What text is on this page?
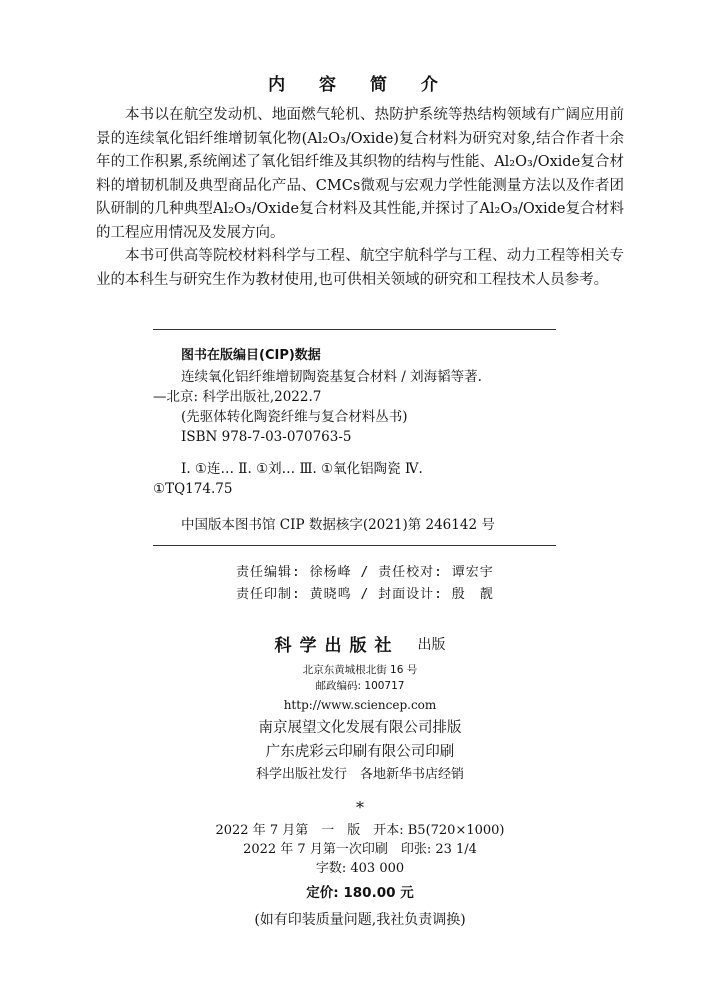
内 容 简 介

本书以在航空发动机、地面燃气轮机、热防护系统等热结构领域有广阔应用前景的连续氧化铝纤维增韧氧化物(Al₂O₃/Oxide)复合材料为研究对象,结合作者十余年的工作积累,系统阐述了氧化铝纤维及其织物的结构与性能、Al₂O₃/Oxide复合材料的增韧机制及典型商品化产品、CMCs微观与宏观力学性能测量方法以及作者团队研制的几种典型Al₂O₃/Oxide复合材料及其性能,并探讨了Al₂O₃/Oxide复合材料的工程应用情况及发展方向。

本书可供高等院校材料科学与工程、航空宇航科学与工程、动力工程等相关专业的本科生与研究生作为教材使用,也可供相关领域的研究和工程技术人员参考。

图书在版编目(CIP)数据
连续氧化铝纤维增韧陶瓷基复合材料 / 刘海韬等著.
—北京: 科学出版社,2022.7
(先驱体转化陶瓷纤维与复合材料丛书)
ISBN 978-7-03-070763-5
Ⅰ. ①连… Ⅱ. ①刘… Ⅲ. ①氧化铝陶瓷 Ⅳ.
①TQ174.75
中国版本图书馆 CIP 数据核字(2021)第 246142 号
责任编辑: 徐杨峰 / 责任校对: 谭宏宇
责任印制: 黄晓鸣 / 封面设计: 殷　靓
科学出版社 出版
北京东黄城根北街 16 号
邮政编码: 100717
http://www.sciencep.com
南京展望文化发展有限公司排版
广东虎彩云印刷有限公司印刷
科学出版社发行　各地新华书店经销
*
2022 年 7 月第　一　版　开本: B5(720×1000)
2022 年 7 月第一次印刷　印张: 23 1/4
字数: 403 000
定价: 180.00 元
(如有印装质量问题,我社负责调换)
